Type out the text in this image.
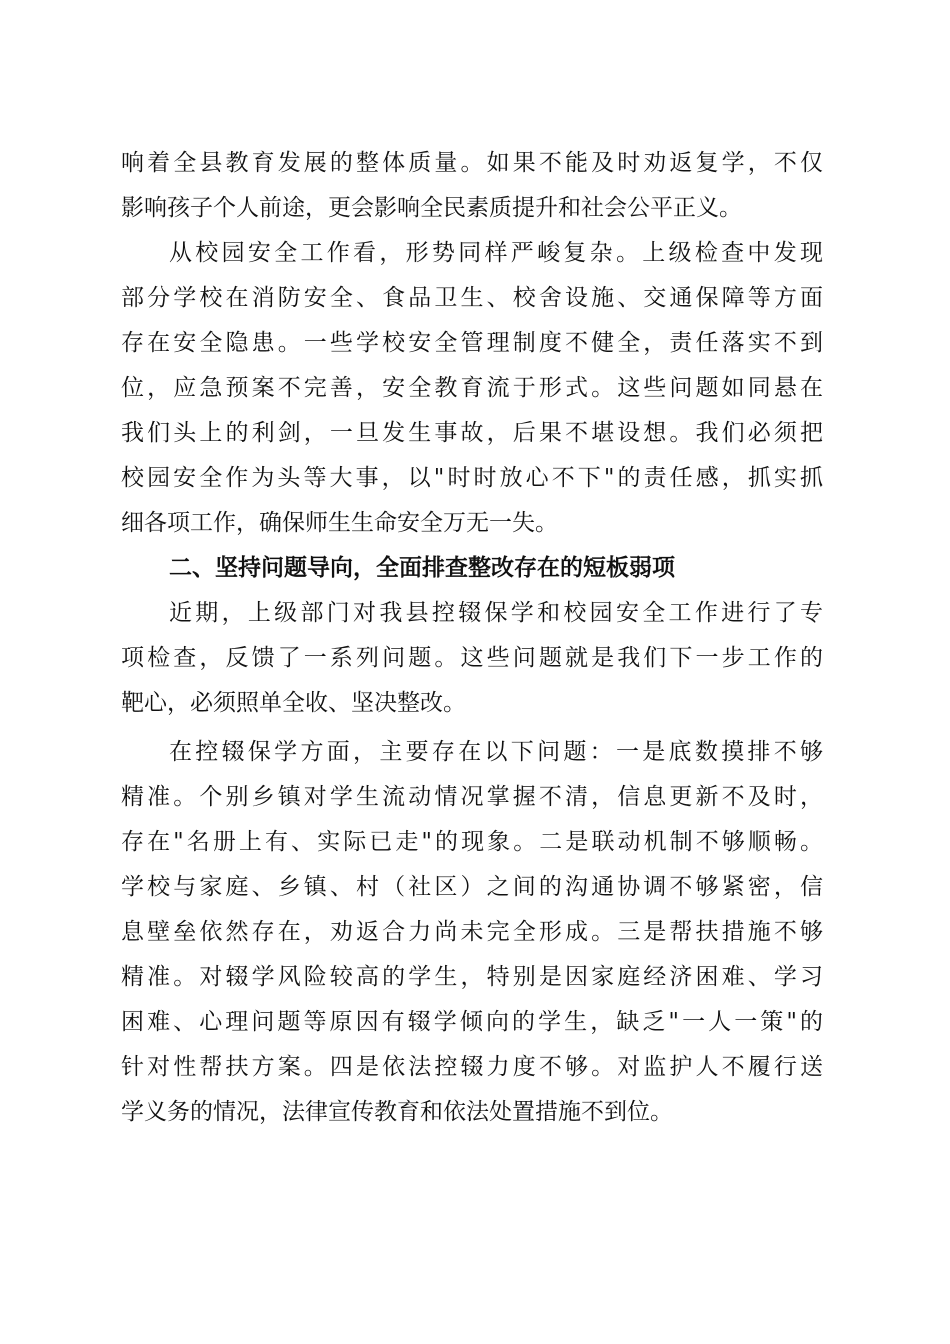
响着全县教育发展的整体质量。如果不能及时劝返复学，不仅
影响孩子个人前途，更会影响全民素质提升和社会公平正义。
从校园安全工作看，形势同样严峻复杂。上级检查中发现
部分学校在消防安全、食品卫生、校舍设施、交通保障等方面
存在安全隐患。一些学校安全管理制度不健全，责任落实不到
位，应急预案不完善，安全教育流于形式。这些问题如同悬在
我们头上的利剑，一旦发生事故，后果不堪设想。我们必须把
校园安全作为头等大事，以"时时放心不下"的责任感，抓实抓
细各项工作，确保师生生命安全万无一失。
二、坚持问题导向，全面排查整改存在的短板弱项
近期，上级部门对我县控辍保学和校园安全工作进行了专
项检查，反馈了一系列问题。这些问题就是我们下一步工作的
靶心，必须照单全收、坚决整改。
在控辍保学方面，主要存在以下问题：一是底数摸排不够
精准。个别乡镇对学生流动情况掌握不清，信息更新不及时，
存在"名册上有、实际已走"的现象。二是联动机制不够顺畅。
学校与家庭、乡镇、村（社区）之间的沟通协调不够紧密，信
息壁垒依然存在，劝返合力尚未完全形成。三是帮扶措施不够
精准。对辍学风险较高的学生，特别是因家庭经济困难、学习
困难、心理问题等原因有辍学倾向的学生，缺乏"一人一策"的
针对性帮扶方案。四是依法控辍力度不够。对监护人不履行送
学义务的情况，法律宣传教育和依法处置措施不到位。
